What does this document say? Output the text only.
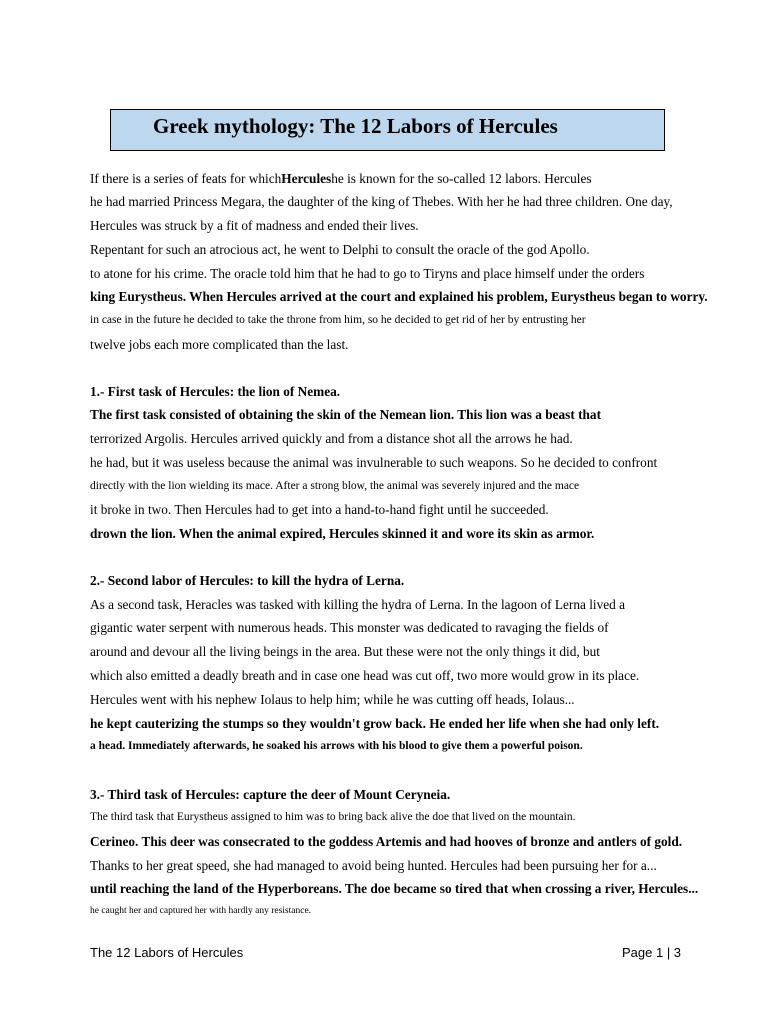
Greek mythology: The 12 Labors of Hercules
If there is a series of feats for whichHerculeshe is known for the so-called 12 labors. Hercules
he had married Princess Megara, the daughter of the king of Thebes. With her he had three children. One day,
Hercules was struck by a fit of madness and ended their lives.
Repentant for such an atrocious act, he went to Delphi to consult the oracle of the god Apollo.
to atone for his crime. The oracle told him that he had to go to Tiryns and place himself under the orders
king Eurystheus. When Hercules arrived at the court and explained his problem, Eurystheus began to worry.
in case in the future he decided to take the throne from him, so he decided to get rid of her by entrusting her
twelve jobs each more complicated than the last.
1.- First task of Hercules: the lion of Nemea.
The first task consisted of obtaining the skin of the Nemean lion. This lion was a beast that
terrorized Argolis. Hercules arrived quickly and from a distance shot all the arrows he had.
he had, but it was useless because the animal was invulnerable to such weapons. So he decided to confront
directly with the lion wielding its mace. After a strong blow, the animal was severely injured and the mace
it broke in two. Then Hercules had to get into a hand-to-hand fight until he succeeded.
drown the lion. When the animal expired, Hercules skinned it and wore its skin as armor.
2.- Second labor of Hercules: to kill the hydra of Lerna.
As a second task, Heracles was tasked with killing the hydra of Lerna. In the lagoon of Lerna lived a
gigantic water serpent with numerous heads. This monster was dedicated to ravaging the fields of
around and devour all the living beings in the area. But these were not the only things it did, but
which also emitted a deadly breath and in case one head was cut off, two more would grow in its place.
Hercules went with his nephew Iolaus to help him; while he was cutting off heads, Iolaus...
he kept cauterizing the stumps so they wouldn't grow back. He ended her life when she had only left.
a head. Immediately afterwards, he soaked his arrows with his blood to give them a powerful poison.
3.- Third task of Hercules: capture the deer of Mount Ceryneia.
The third task that Eurystheus assigned to him was to bring back alive the doe that lived on the mountain.
Cerineo. This deer was consecrated to the goddess Artemis and had hooves of bronze and antlers of gold.
Thanks to her great speed, she had managed to avoid being hunted. Hercules had been pursuing her for a...
until reaching the land of the Hyperboreans. The doe became so tired that when crossing a river, Hercules...
he caught her and captured her with hardly any resistance.
The 12 Labors of Hercules	Page 1 | 3
